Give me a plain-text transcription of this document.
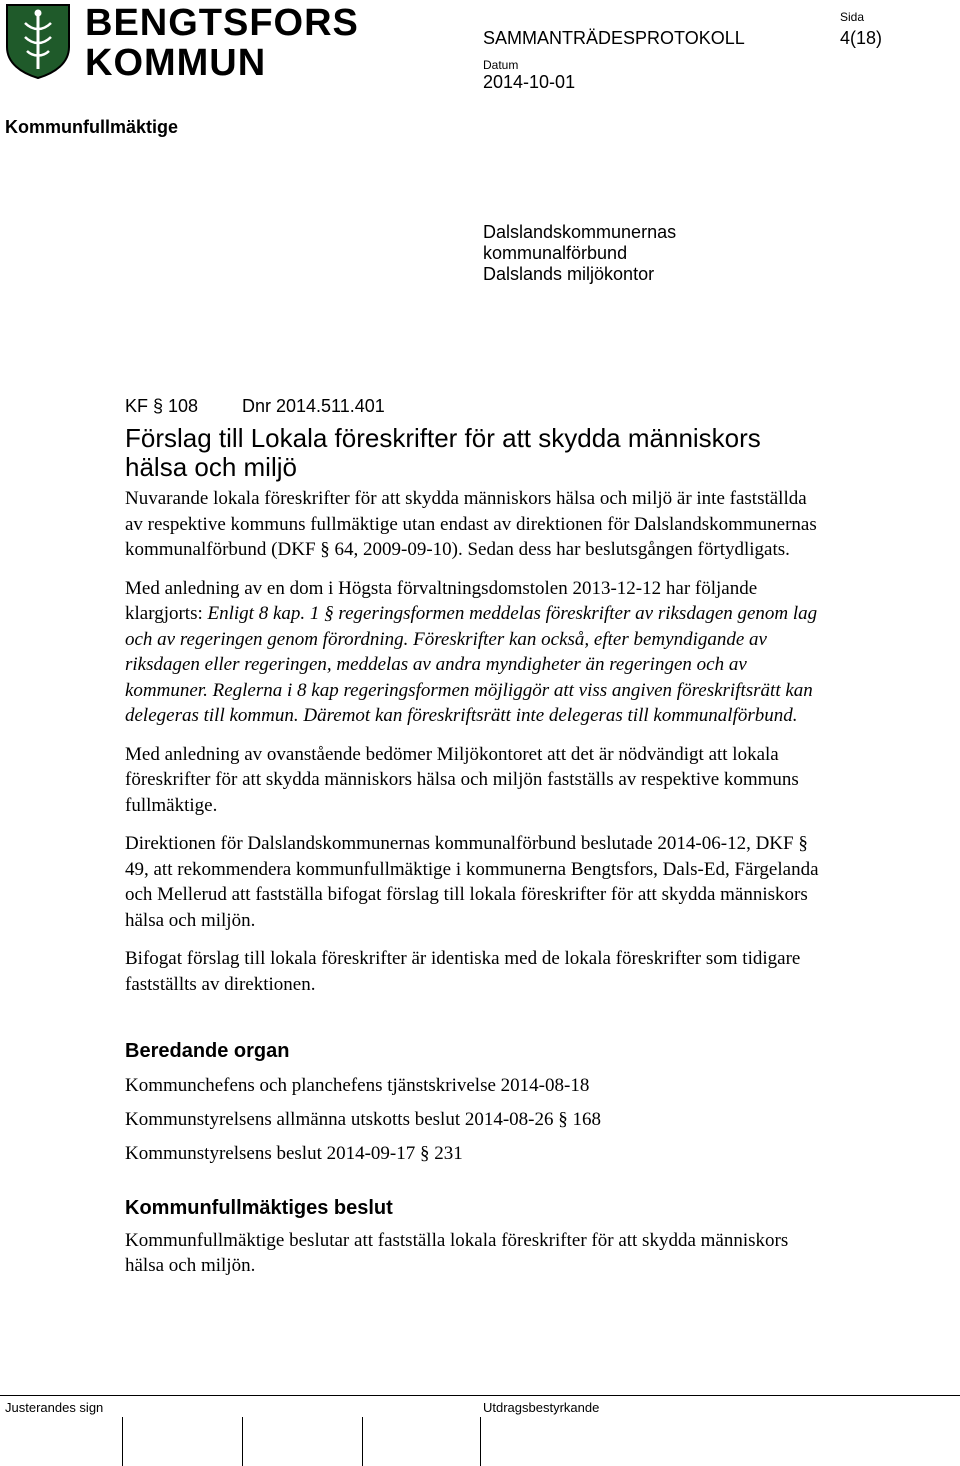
BENGTSFORS
KOMMUN
SAMMANTRÄDESPROTOKOLL
Datum
2014-10-01
Sida
4(18)
Kommunfullmäktige
Dalslandskommunernas
kommunalförbund
Dalslands miljökontor
KF § 108 Dnr 2014.511.401
Förslag till Lokala föreskrifter för att skydda människors hälsa och miljö

Nuvarande lokala föreskrifter för att skydda människors hälsa och miljö är inte fastställda av respektive kommuns fullmäktige utan endast av direktionen för Dalslandskommunernas kommunalförbund (DKF § 64, 2009-09-10). Sedan dess har beslutsgången förtydligats.

Med anledning av en dom i Högsta förvaltningsdomstolen 2013-12-12 har följande klargjorts: Enligt 8 kap. 1 § regeringsformen meddelas föreskrifter av riksdagen genom lag och av regeringen genom förordning. Föreskrifter kan också, efter bemyndigande av riksdagen eller regeringen, meddelas av andra myndigheter än regeringen och av kommuner. Reglerna i 8 kap regeringsformen möjliggör att viss angiven föreskriftsrätt kan delegeras till kommun. Däremot kan föreskriftsrätt inte delegeras till kommunalförbund.

Med anledning av ovanstående bedömer Miljökontoret att det är nödvändigt att lokala föreskrifter för att skydda människors hälsa och miljön fastställs av respektive kommuns fullmäktige.

Direktionen för Dalslandskommunernas kommunalförbund beslutade 2014-06-12, DKF § 49, att rekommendera kommunfullmäktige i kommunerna Bengtsfors, Dals-Ed, Färgelanda och Mellerud att fastställa bifogat förslag till lokala föreskrifter för att skydda människors hälsa och miljön.

Bifogat förslag till lokala föreskrifter är identiska med de lokala föreskrifter som tidigare fastställts av direktionen.

Beredande organ

Kommunchefens och planchefens tjänstskrivelse 2014-08-18

Kommunstyrelsens allmänna utskotts beslut 2014-08-26 § 168

Kommunstyrelsens beslut 2014-09-17 § 231

Kommunfullmäktiges beslut

Kommunfullmäktige beslutar att fastställa lokala föreskrifter för att skydda människors hälsa och miljön.

Justerandes sign	Utdragsbestyrkande
